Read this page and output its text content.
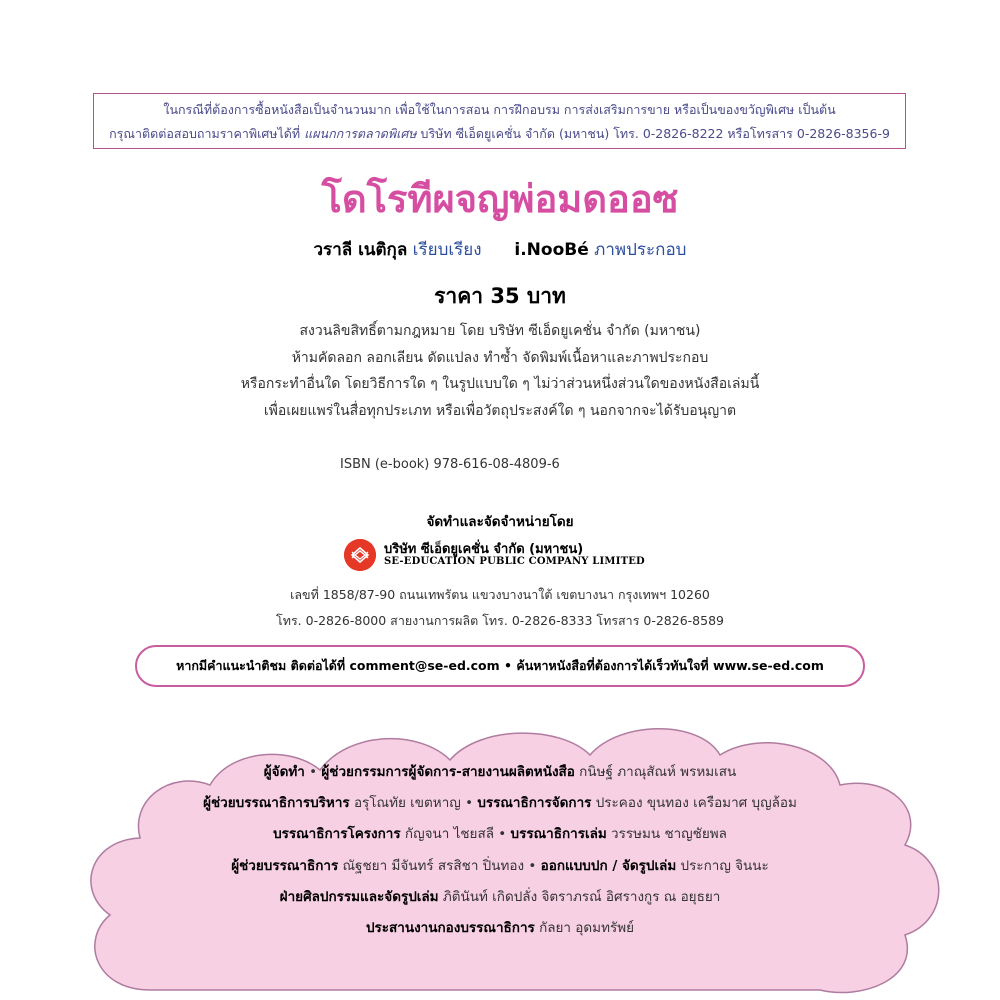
ในกรณีที่ต้องการซื้อหนังสือเป็นจำนวนมาก เพื่อใช้ในการสอน การฝึกอบรม การส่งเสริมการขาย หรือเป็นของขวัญพิเศษ เป็นต้น
กรุณาติดต่อสอบถามราคาพิเศษได้ที่ แผนกการตลาดพิเศษ บริษัท ซีเอ็ดยูเคชั่น จำกัด (มหาชน) โทร. 0-2826-8222 หรือโทรสาร 0-2826-8356-9
โดโรทีผจญพ่อมดออซ
วราลี เนติกุล เรียบเรียง i.NooBé ภาพประกอบ
ราคา 35 บาท
สงวนลิขสิทธิ์ตามกฎหมาย โดย บริษัท ซีเอ็ดยูเคชั่น จำกัด (มหาชน)
ห้ามคัดลอก ลอกเลียน ดัดแปลง ทำซ้ำ จัดพิมพ์เนื้อหาและภาพประกอบ
หรือกระทำอื่นใด โดยวิธีการใด ๆ ในรูปแบบใด ๆ ไม่ว่าส่วนหนึ่งส่วนใดของหนังสือเล่มนี้
เพื่อเผยแพร่ในสื่อทุกประเภท หรือเพื่อวัตถุประสงค์ใด ๆ นอกจากจะได้รับอนุญาต
ISBN (e-book) 978-616-08-4809-6
จัดทำและจัดจำหน่ายโดย
บริษัท ซีเอ็ดยูเคชั่น จำกัด (มหาชน)
SE-EDUCATION PUBLIC COMPANY LIMITED
เลขที่ 1858/87-90 ถนนเทพรัตน แขวงบางนาใต้ เขตบางนา กรุงเทพฯ 10260
โทร. 0-2826-8000 สายงานการผลิต โทร. 0-2826-8333 โทรสาร 0-2826-8589
หากมีคำแนะนำติชม ติดต่อได้ที่ comment@se-ed.com • ค้นหาหนังสือที่ต้องการได้เร็วทันใจที่ www.se-ed.com
ผู้จัดทำ • ผู้ช่วยกรรมการผู้จัดการ-สายงานผลิตหนังสือ กนิษฐ์ ภาณุสัณห์ พรหมเสน
ผู้ช่วยบรรณาธิการบริหาร อรุโณทัย เขตหาญ • บรรณาธิการจัดการ ประคอง ขุนทอง เครือมาศ บุญล้อม
บรรณาธิการโครงการ กัญจนา ไชยสลี • บรรณาธิการเล่ม วรรษมน ชาญชัยพล
ผู้ช่วยบรรณาธิการ ณัฐชยา มีจันทร์ สรสิชา ปิ่นทอง • ออกแบบปก / จัดรูปเล่ม ประกาญ จินนะ
ฝ่ายศิลปกรรมและจัดรูปเล่ม ภิตินันท์ เกิดปลั่ง จิตราภรณ์ อิศรางกูร ณ อยุธยา
ประสานงานกองบรรณาธิการ กัลยา อุดมทรัพย์
